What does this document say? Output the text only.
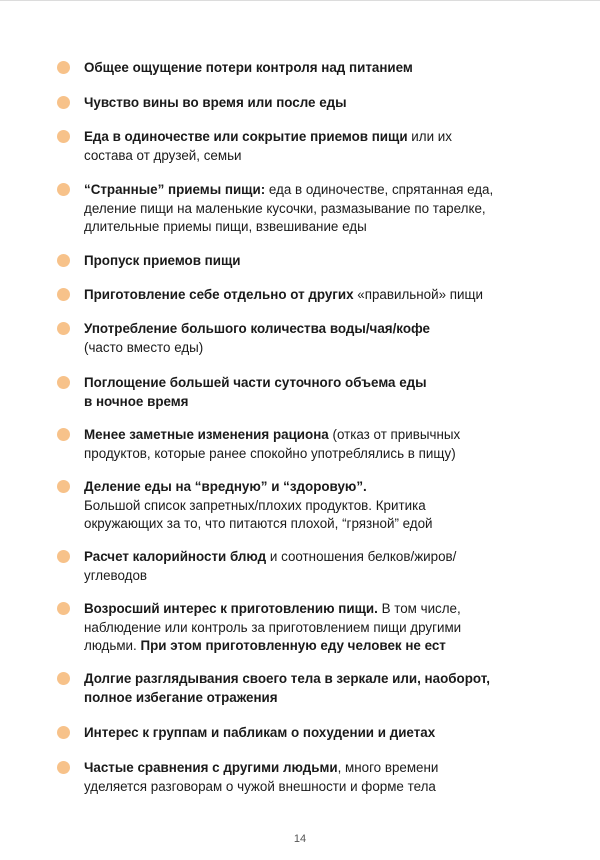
Общее ощущение потери контроля над питанием
Чувство вины во время или после еды
Еда в одиночестве или сокрытие приемов пищи или их
состава от друзей, семьи
“Странные” приемы пищи: еда в одиночестве, спрятанная еда,
деление пищи на маленькие кусочки, размазывание по тарелке,
длительные приемы пищи, взвешивание еды
Пропуск приемов пищи
Приготовление себе отдельно от других «правильной» пищи
Употребление большого количества воды/чая/кофе
(часто вместо еды)
Поглощение большей части суточного объема еды
в ночное время
Менее заметные изменения рациона (отказ от привычных
продуктов, которые ранее спокойно употреблялись в пищу)
Деление еды на “вредную” и “здоровую”.
Большой список запретных/плохих продуктов. Критика
окружающих за то, что питаются плохой, “грязной” едой
Расчет калорийности блюд и соотношения белков/жиров/
углеводов
Возросший интерес к приготовлению пищи. В том числе,
наблюдение или контроль за приготовлением пищи другими
людьми. При этом приготовленную еду человек не ест
Долгие разглядывания своего тела в зеркале или, наоборот,
полное избегание отражения
Интерес к группам и пабликам о похудении и диетах
Частые сравнения с другими людьми, много времени
уделяется разговорам о чужой внешности и форме тела
14
